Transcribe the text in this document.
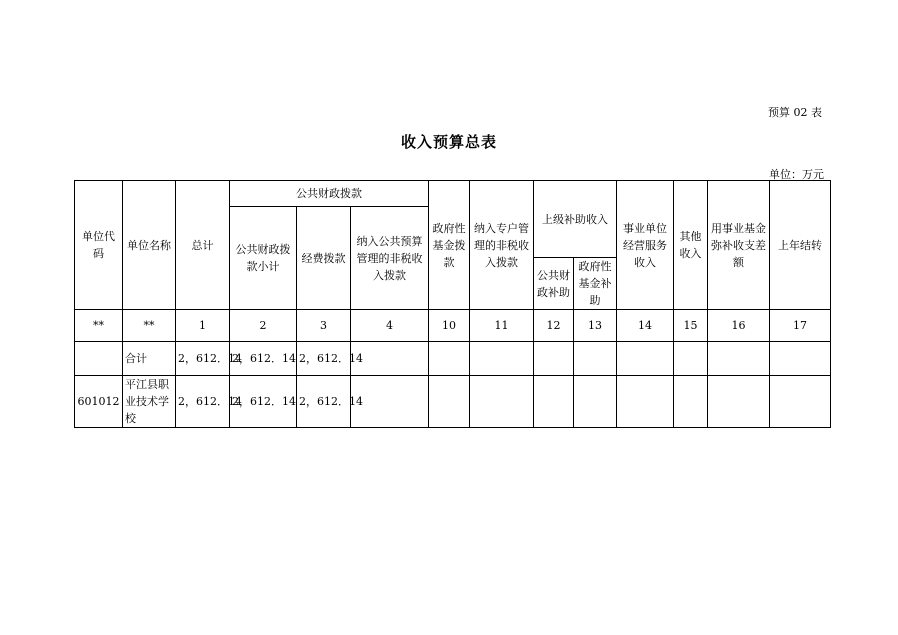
预算 02 表
收入预算总表
单位：万元
单位代码	单位名称	总计	公共财政拨款			政府性基金拨款	纳入专户管理的非税收入拨款	上级补助收入		事业单位经营服务收入	其他收入	用事业基金弥补收支差额	上年结转
			公共财政拨款小计	经费拨款	纳入公共预算管理的非税收入拨款								
								公共财政补助	政府性基金补助				
**	**	1	2	3	4	10	11	12	13	14	15	16	17
	合计	2，612．14	2，612．14	2，612．14									
601012	平江县职业技术学校	2，612．14	2，612．14	2，612．14									
